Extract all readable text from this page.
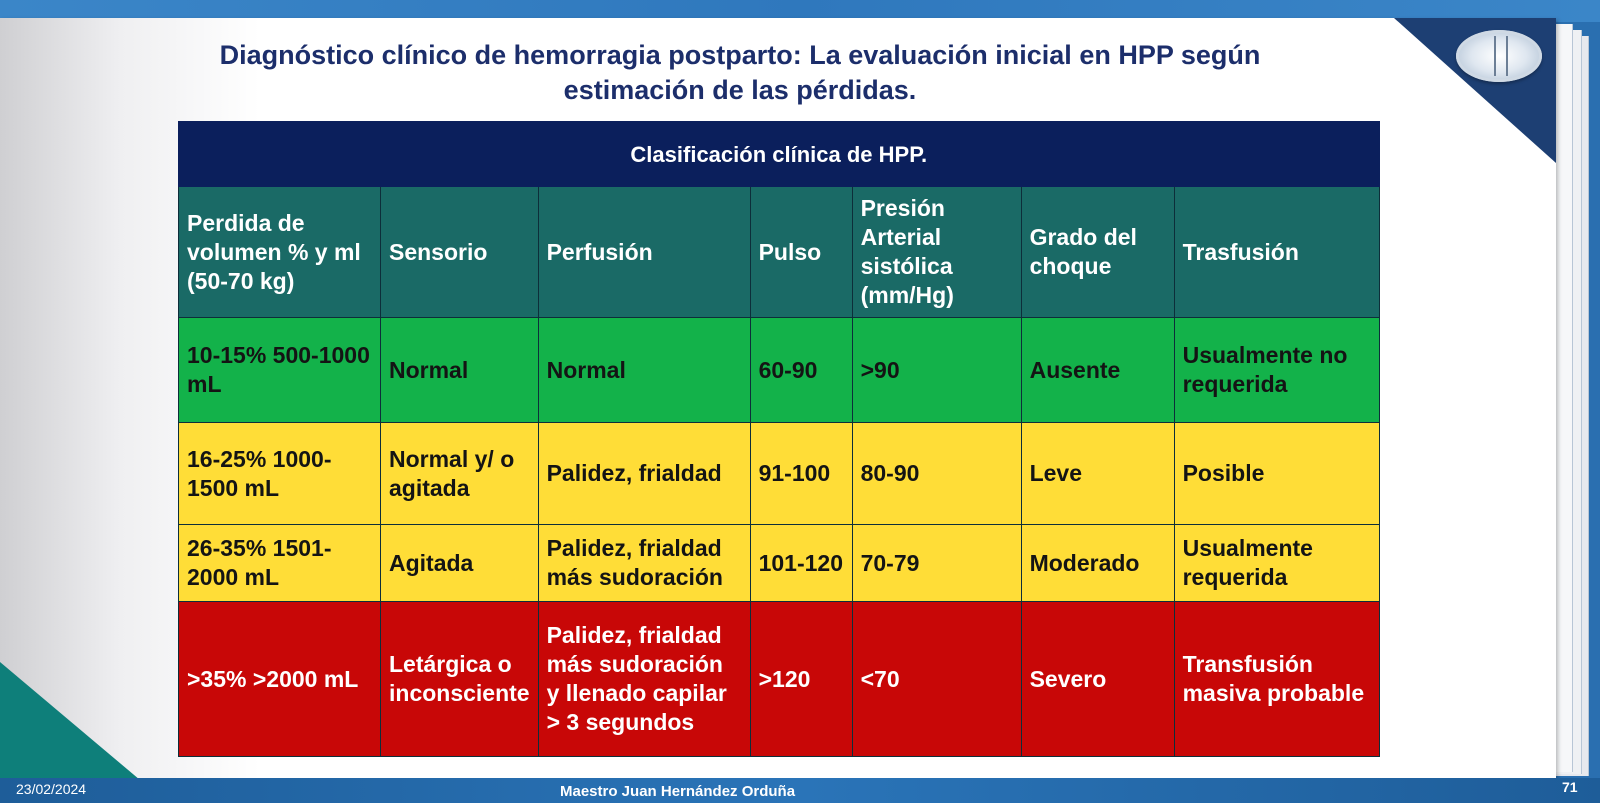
Diagnóstico clínico de hemorragia postparto: La evaluación inicial en HPP según
estimación de las pérdidas.
Clasificación clínica de HPP.						
Perdida de volumen % y ml (50-70 kg)	Sensorio	Perfusión	Pulso	Presión Arterial sistólica (mm/Hg)	Grado del choque	Trasfusión
10-15% 500-1000 mL	Normal	Normal	60-90	>90	Ausente	Usualmente no requerida
16-25% 1000-1500 mL	Normal y/ o agitada	Palidez, frialdad	91-100	80-90	Leve	Posible
26-35% 1501-2000 mL	Agitada	Palidez, frialdad más sudoración	101-120	70-79	Moderado	Usualmente requerida
>35% >2000 mL	Letárgica o inconsciente	Palidez, frialdad más sudoración y llenado capilar > 3 segundos	>120	<70	Severo	Transfusión masiva probable
23/02/2024	Maestro Juan Hernández Orduña	71
